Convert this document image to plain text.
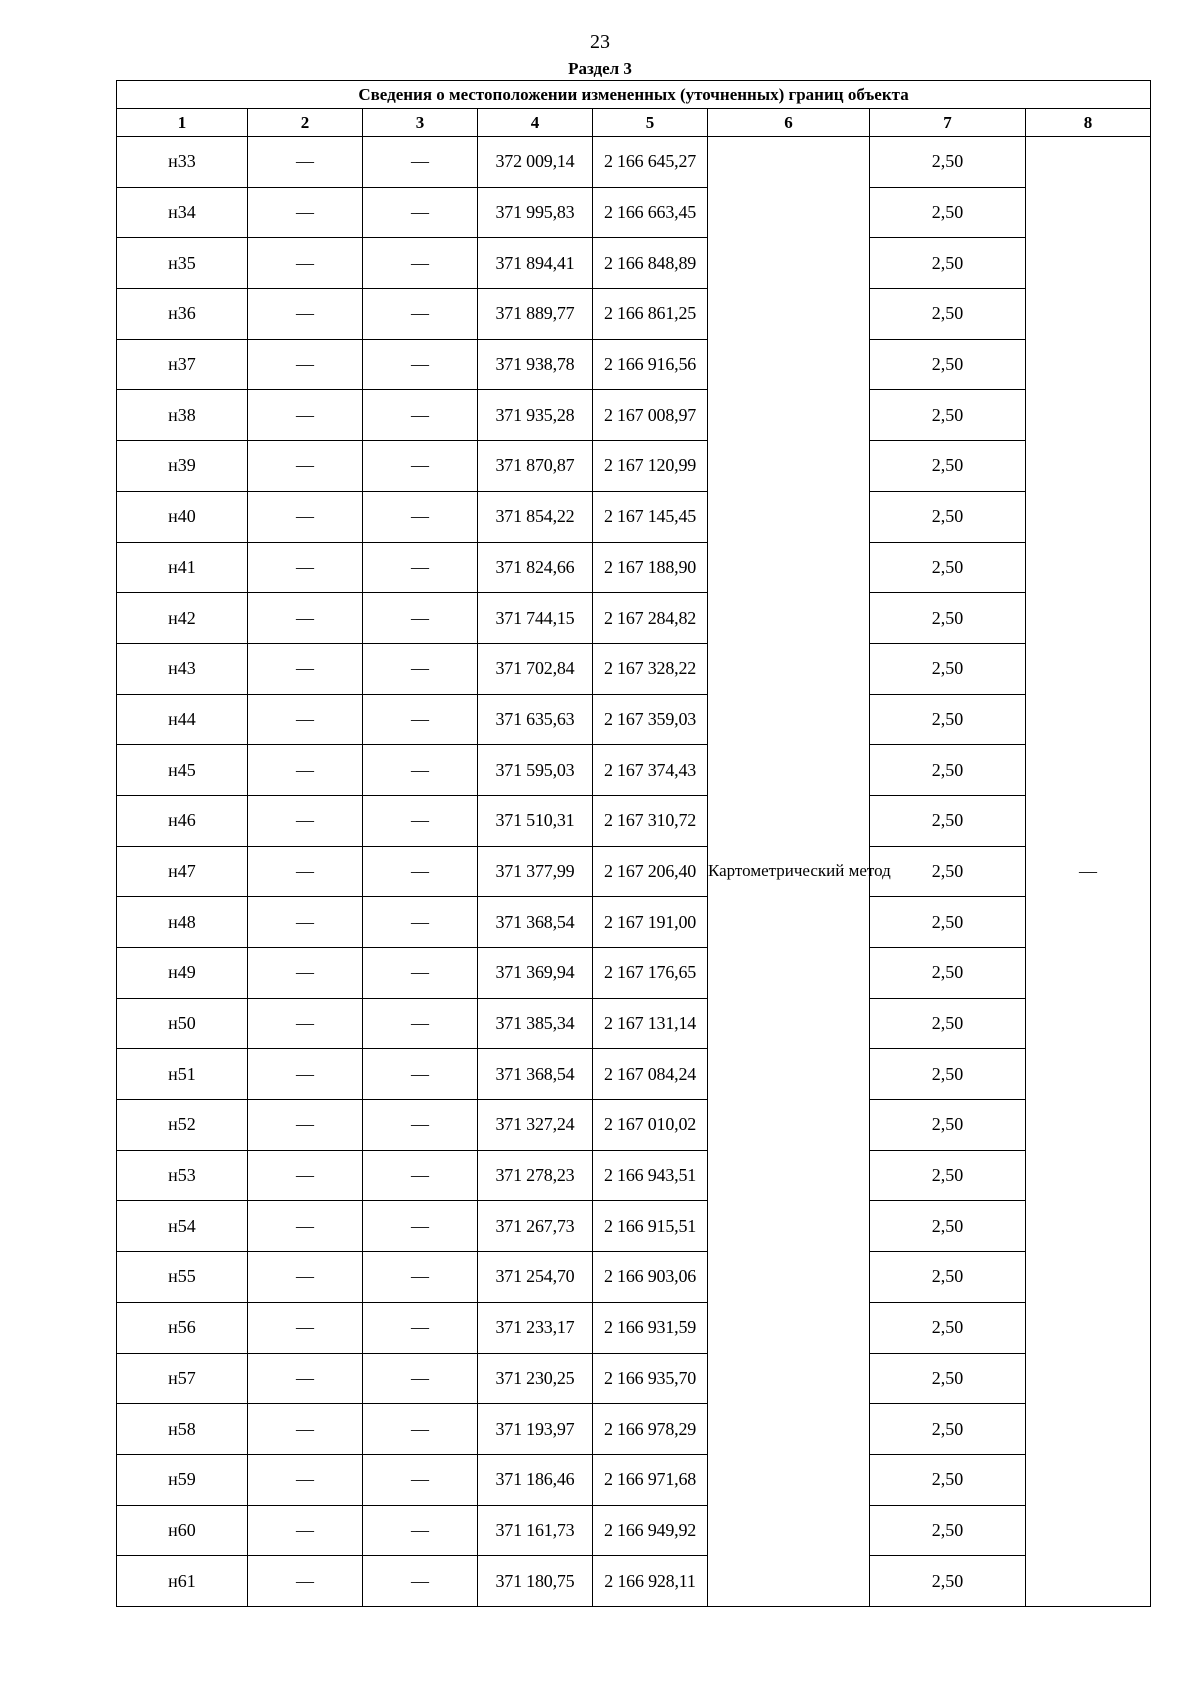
23
Раздел 3
Сведения о местоположении измененных (уточненных) границ объекта							
1	2	3	4	5	6	7	8
н33	—	—	372 009,14	2 166 645,27	Картометрический метод	2,50	—
н34	—	—	371 995,83	2 166 663,45		2,50	
н35	—	—	371 894,41	2 166 848,89		2,50	
н36	—	—	371 889,77	2 166 861,25		2,50	
н37	—	—	371 938,78	2 166 916,56		2,50	
н38	—	—	371 935,28	2 167 008,97		2,50	
н39	—	—	371 870,87	2 167 120,99		2,50	
н40	—	—	371 854,22	2 167 145,45		2,50	
н41	—	—	371 824,66	2 167 188,90		2,50	
н42	—	—	371 744,15	2 167 284,82		2,50	
н43	—	—	371 702,84	2 167 328,22		2,50	
н44	—	—	371 635,63	2 167 359,03		2,50	
н45	—	—	371 595,03	2 167 374,43		2,50	
н46	—	—	371 510,31	2 167 310,72		2,50	
н47	—	—	371 377,99	2 167 206,40		2,50	
н48	—	—	371 368,54	2 167 191,00		2,50	
н49	—	—	371 369,94	2 167 176,65		2,50	
н50	—	—	371 385,34	2 167 131,14		2,50	
н51	—	—	371 368,54	2 167 084,24		2,50	
н52	—	—	371 327,24	2 167 010,02		2,50	
н53	—	—	371 278,23	2 166 943,51		2,50	
н54	—	—	371 267,73	2 166 915,51		2,50	
н55	—	—	371 254,70	2 166 903,06		2,50	
н56	—	—	371 233,17	2 166 931,59		2,50	
н57	—	—	371 230,25	2 166 935,70		2,50	
н58	—	—	371 193,97	2 166 978,29		2,50	
н59	—	—	371 186,46	2 166 971,68		2,50	
н60	—	—	371 161,73	2 166 949,92		2,50	
н61	—	—	371 180,75	2 166 928,11		2,50	
